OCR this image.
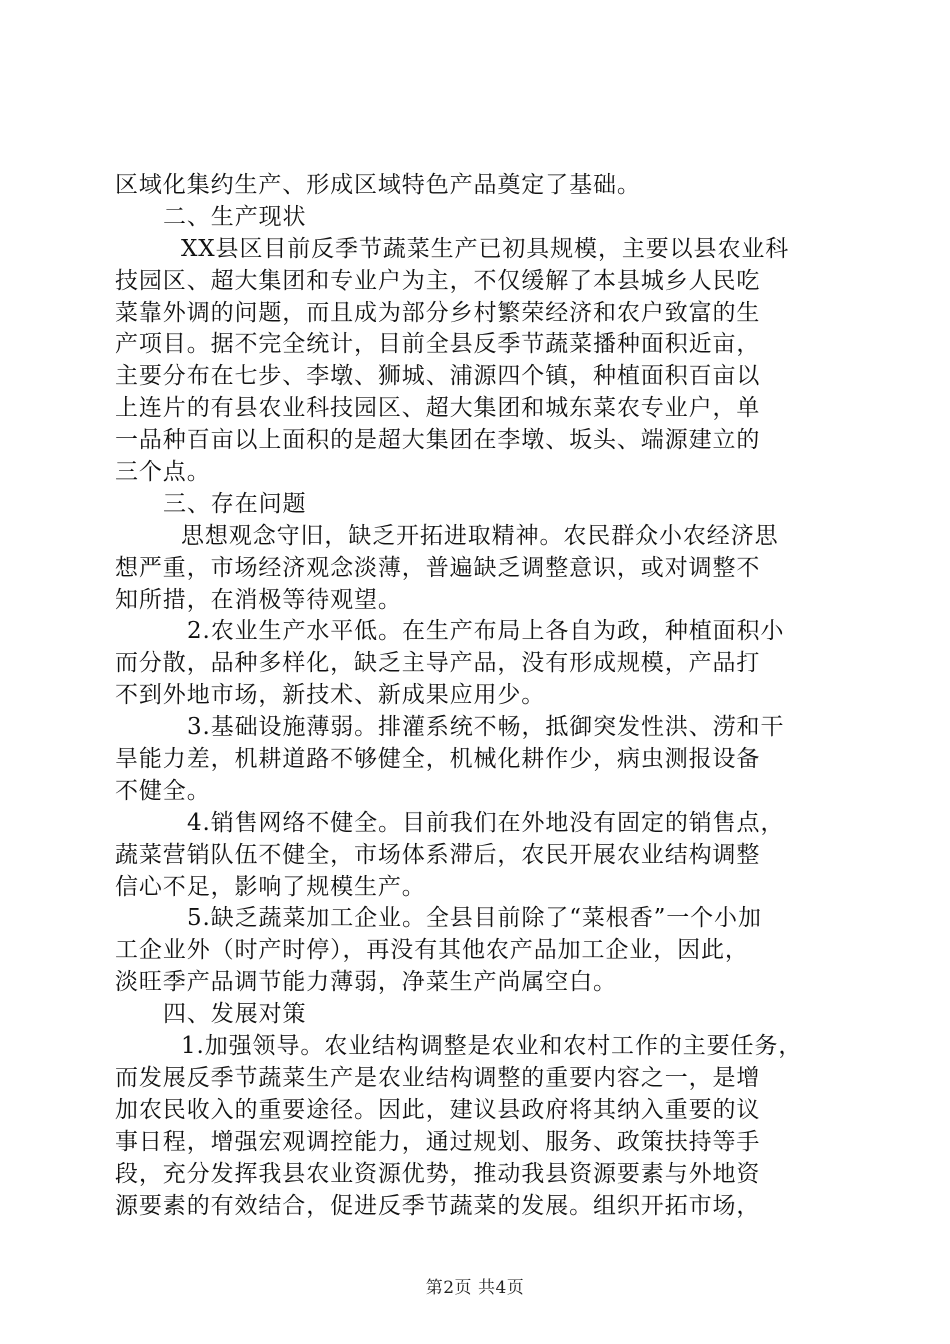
区域化集约生产、形成区域特色产品奠定了基础。
二、生产现状
XX县区目前反季节蔬菜生产已初具规模，主要以县农业科
技园区、超大集团和专业户为主，不仅缓解了本县城乡人民吃
菜靠外调的问题，而且成为部分乡村繁荣经济和农户致富的生
产项目。据不完全统计，目前全县反季节蔬菜播种面积近亩，
主要分布在七步、李墩、狮城、浦源四个镇，种植面积百亩以
上连片的有县农业科技园区、超大集团和城东菜农专业户，单
一品种百亩以上面积的是超大集团在李墩、坂头、端源建立的
三个点。
三、存在问题
思想观念守旧，缺乏开拓进取精神。农民群众小农经济思
想严重，市场经济观念淡薄，普遍缺乏调整意识，或对调整不
知所措，在消极等待观望。
2.农业生产水平低。在生产布局上各自为政，种植面积小
而分散，品种多样化，缺乏主导产品，没有形成规模，产品打
不到外地市场，新技术、新成果应用少。
3.基础设施薄弱。排灌系统不畅，抵御突发性洪、涝和干
旱能力差，机耕道路不够健全，机械化耕作少，病虫测报设备
不健全。
4.销售网络不健全。目前我们在外地没有固定的销售点，
蔬菜营销队伍不健全，市场体系滞后，农民开展农业结构调整
信心不足，影响了规模生产。
5.缺乏蔬菜加工企业。全县目前除了“菜根香”一个小加
工企业外（时产时停），再没有其他农产品加工企业，因此，
淡旺季产品调节能力薄弱，净菜生产尚属空白。
四、发展对策
1.加强领导。农业结构调整是农业和农村工作的主要任务，
而发展反季节蔬菜生产是农业结构调整的重要内容之一，是增
加农民收入的重要途径。因此，建议县政府将其纳入重要的议
事日程，增强宏观调控能力，通过规划、服务、政策扶持等手
段，充分发挥我县农业资源优势，推动我县资源要素与外地资
源要素的有效结合，促进反季节蔬菜的发展。组织开拓市场，
第2页 共4页
